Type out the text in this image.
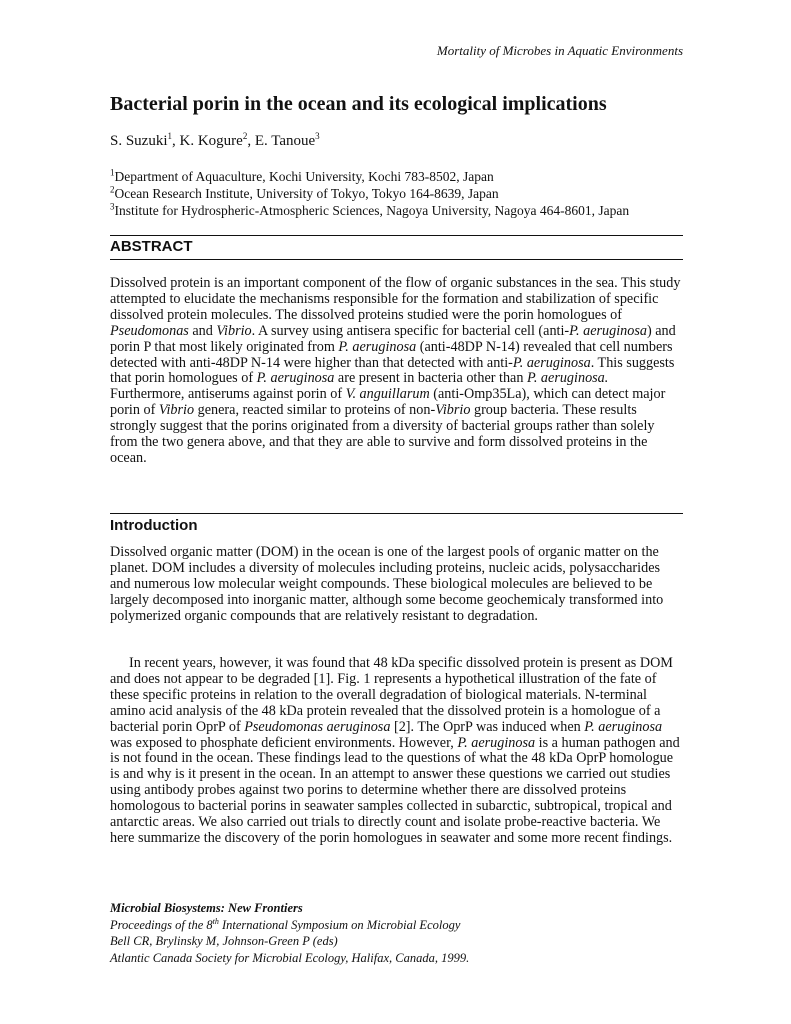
Mortality of Microbes in Aquatic Environments
Bacterial porin in the ocean and its ecological implications
S. Suzuki$^1$, K. Kogure$^2$, E. Tanoue$^3$
$^1$Department of Aquaculture, Kochi University, Kochi 783-8502, Japan
$^2$Ocean Research Institute, University of Tokyo, Tokyo 164-8639, Japan
$^3$Institute for Hydrospheric-Atmospheric Sciences, Nagoya University, Nagoya 464-8601, Japan
ABSTRACT
Dissolved protein is an important component of the flow of organic substances in the sea. This study attempted to elucidate the mechanisms responsible for the formation and stabilization of specific dissolved protein molecules. The dissolved proteins studied were the porin homologues of Pseudomonas and Vibrio. A survey using antisera specific for bacterial cell (anti-P. aeruginosa) and porin P that most likely originated from P. aeruginosa (anti-48DP N-14) revealed that cell numbers detected with anti-48DP N-14 were higher than that detected with anti-P. aeruginosa. This suggests that porin homologues of P. aeruginosa are present in bacteria other than P. aeruginosa. Furthermore, antiserums against porin of V. anguillarum (anti-Omp35La), which can detect major porin of Vibrio genera, reacted similar to proteins of non-Vibrio group bacteria. These results strongly suggest that the porins originated from a diversity of bacterial groups rather than solely from the two genera above, and that they are able to survive and form dissolved proteins in the ocean.
Introduction
Dissolved organic matter (DOM) in the ocean is one of the largest pools of organic matter on the planet. DOM includes a diversity of molecules including proteins, nucleic acids, polysaccharides and numerous low molecular weight compounds. These biological molecules are believed to be largely decomposed into inorganic matter, although some become geochemicaly transformed into polymerized organic compounds that are relatively resistant to degradation.
In recent years, however, it was found that 48 kDa specific dissolved protein is present as DOM and does not appear to be degraded [1]. Fig. 1 represents a hypothetical illustration of the fate of these specific proteins in relation to the overall degradation of biological materials. N-terminal amino acid analysis of the 48 kDa protein revealed that the dissolved protein is a homologue of a bacterial porin OprP of Pseudomonas aeruginosa [2]. The OprP was induced when P. aeruginosa was exposed to phosphate deficient environments. However, P. aeruginosa is a human pathogen and is not found in the ocean. These findings lead to the questions of what the 48 kDa OprP homologue is and why is it present in the ocean. In an attempt to answer these questions we carried out studies using antibody probes against two porins to determine whether there are dissolved proteins homologous to bacterial porins in seawater samples collected in subarctic, subtropical, tropical and antarctic areas. We also carried out trials to directly count and isolate probe-reactive bacteria. We here summarize the discovery of the porin homologues in seawater and some more recent findings.
Microbial Biosystems: New Frontiers
Proceedings of the 8th International Symposium on Microbial Ecology
Bell CR, Brylinsky M, Johnson-Green P (eds)
Atlantic Canada Society for Microbial Ecology, Halifax, Canada, 1999.
